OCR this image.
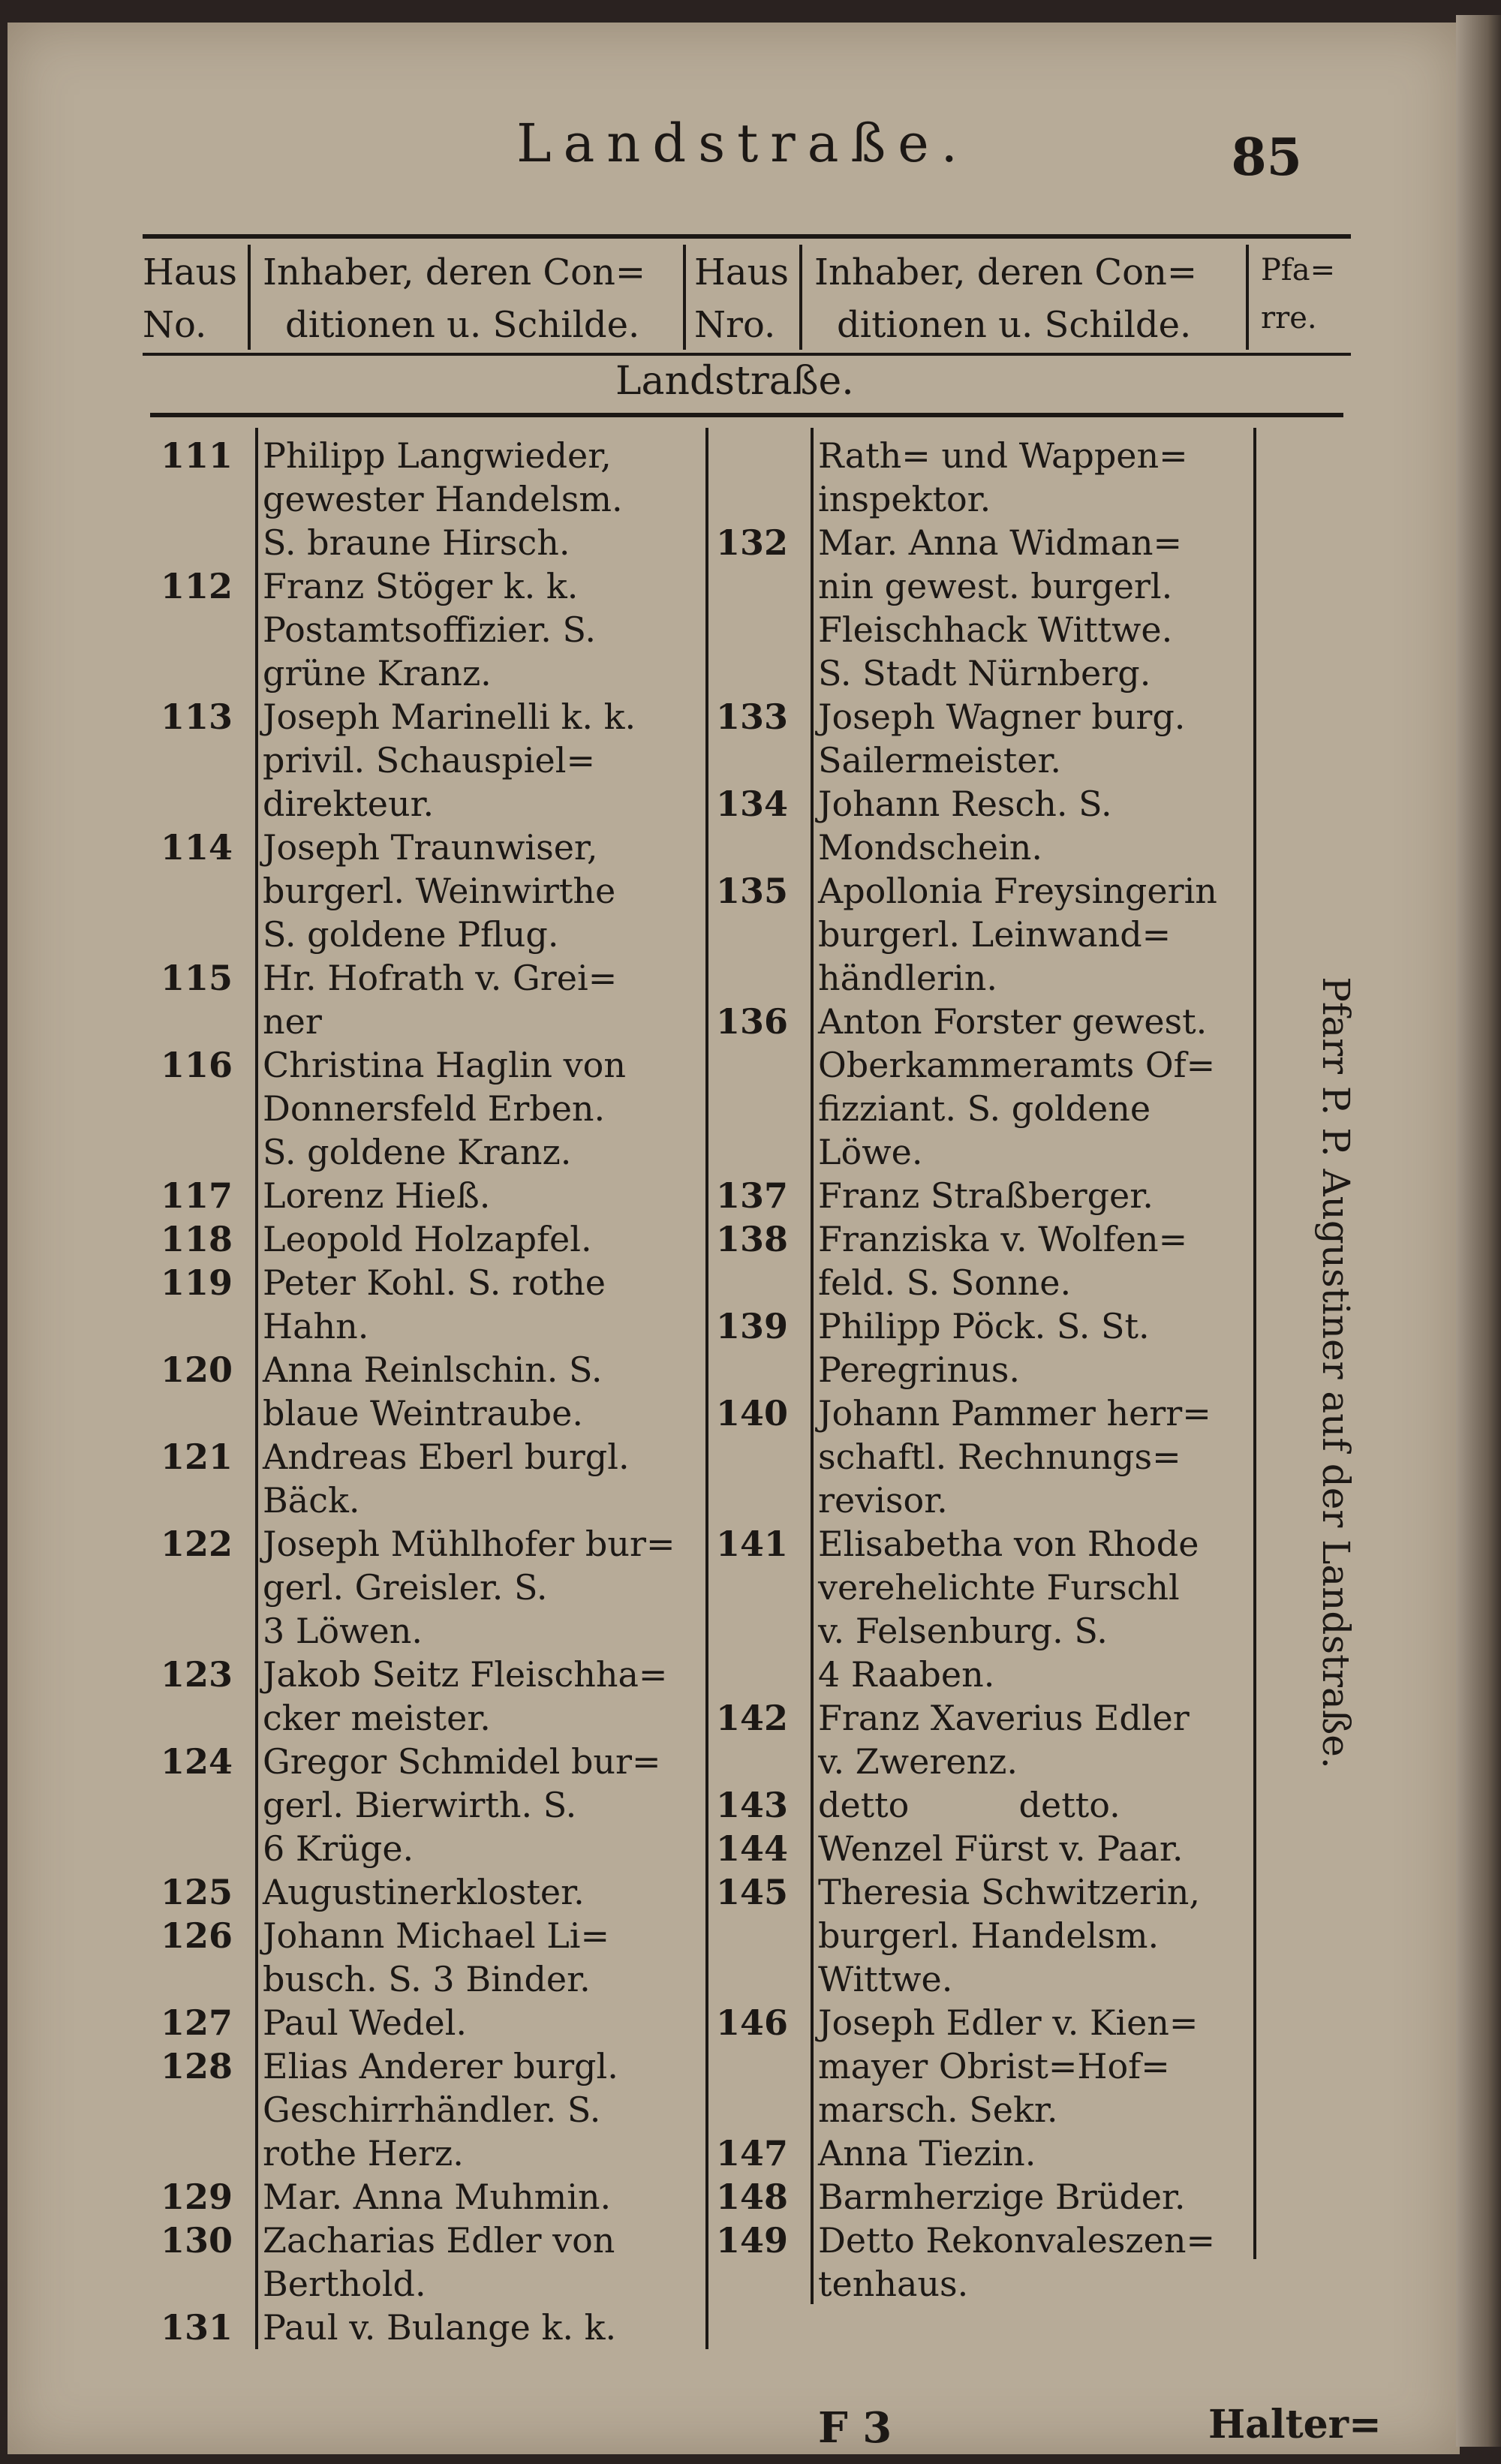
Landstraße.	85
Haus
No.
Inhaber, deren Con=
ditionen u. Schilde.
Haus
Nro.
Inhaber, deren Con=
ditionen u. Schilde.
Pfa=
rre.
Landstraße.
111 Philipp Langwieder,
gewester Handelsm.
S. braune Hirsch.
112 Franz Stöger k. k.
Postamtsoffizier. S.
grüne Kranz.
113 Joseph Marinelli k. k.
privil. Schauspiel=
direkteur.
114 Joseph Traunwiser,
burgerl. Weinwirthe
S. goldene Pflug.
115 Hr. Hofrath v. Grei=
ner
116 Christina Haglin von
Donnersfeld Erben.
S. goldene Kranz.
117 Lorenz Hieß.
118 Leopold Holzapfel.
119 Peter Kohl. S. rothe
Hahn.
120 Anna Reinlschin. S.
blaue Weintraube.
121 Andreas Eberl burgl.
Bäck.
122 Joseph Mühlhofer bur=
gerl. Greisler. S.
3 Löwen.
123 Jakob Seitz Fleischha=
cker meister.
124 Gregor Schmidel bur=
gerl. Bierwirth. S.
6 Krüge.
125 Augustinerkloster.
126 Johann Michael Li=
busch. S. 3 Binder.
127 Paul Wedel.
128 Elias Anderer burgl.
Geschirrhändler. S.
rothe Herz.
129 Mar. Anna Muhmin.
130 Zacharias Edler von
Berthold.
131 Paul v. Bulange k. k.
Rath= und Wappen=
inspektor.
132 Mar. Anna Widman=
nin gewest. burgerl.
Fleischhack Wittwe.
S. Stadt Nürnberg.
133 Joseph Wagner burg.
Sailermeister.
134 Johann Resch. S.
Mondschein.
135 Apollonia Freysingerin
burgerl. Leinwand=
händlerin.
136 Anton Forster gewest.
Oberkammeramts Of=
fizziant. S. goldene
Löwe.
137 Franz Straßberger.
138 Franziska v. Wolfen=
feld. S. Sonne.
139 Philipp Pöck. S. St.
Peregrinus.
140 Johann Pammer herr=
schaftl. Rechnungs=
revisor.
141 Elisabetha von Rhode
verehelichte Furschl
v. Felsenburg. S.
4 Raaben.
142 Franz Xaverius Edler
v. Zwerenz.
143 detto          detto.
144 Wenzel Fürst v. Paar.
145 Theresia Schwitzerin,
burgerl. Handelsm.
Wittwe.
146 Joseph Edler v. Kien=
mayer Obrist=Hof=
marsch. Sekr.
147 Anna Tiezin.
148 Barmherzige Brüder.
149 Detto Rekonvaleszen=
tenhaus.
Pfarr P. P. Augustiner auf der Landstraße.
F 3	Halter=
